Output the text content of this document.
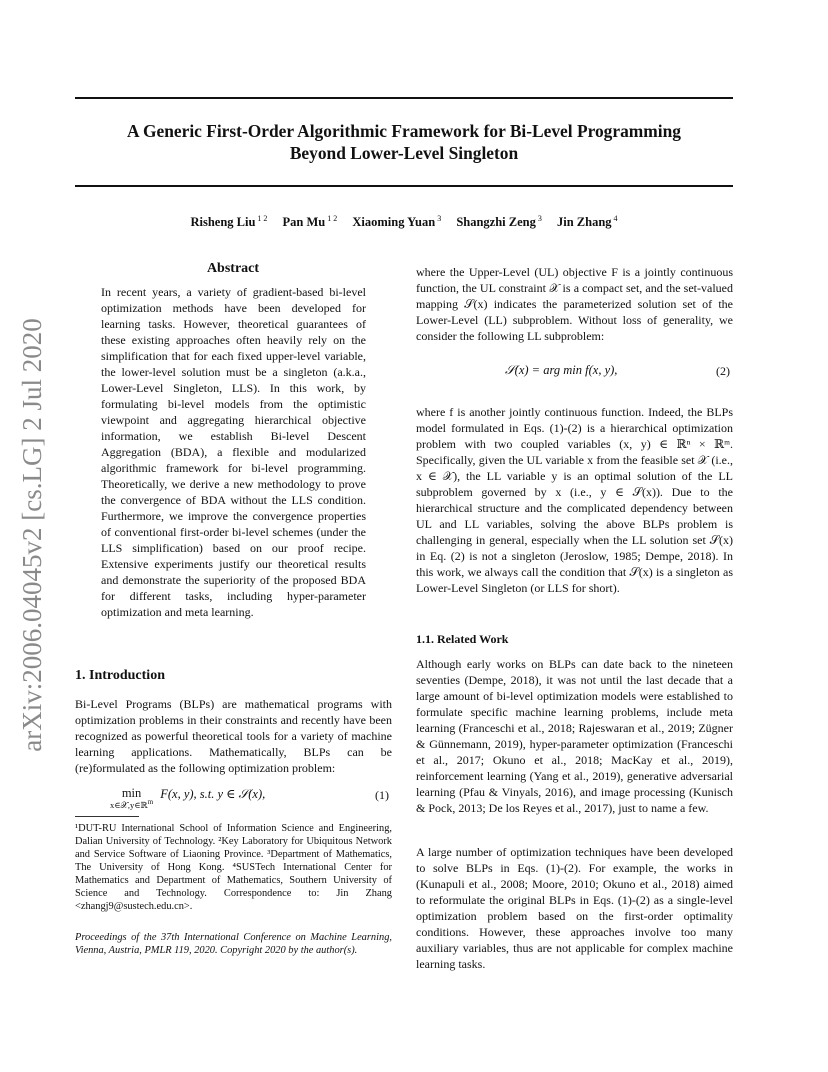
A Generic First-Order Algorithmic Framework for Bi-Level Programming
Beyond Lower-Level Singleton
Risheng Liu $^{1 2}$ Pan Mu $^{1 2}$ Xiaoming Yuan $^3$ Shangzhi Zeng $^3$ Jin Zhang $^4$
arXiv:2006.04045v2 [cs.LG] 2 Jul 2020
Abstract

In recent years, a variety of gradient-based bi-level optimization methods have been developed for learning tasks. However, theoretical guarantees of these existing approaches often heavily rely on the simplification that for each fixed upper-level variable, the lower-level solution must be a singleton (a.k.a., Lower-Level Singleton, LLS). In this work, by formulating bi-level models from the optimistic viewpoint and aggregating hierarchical objective information, we establish Bi-level Descent Aggregation (BDA), a flexible and modularized algorithmic framework for bi-level programming. Theoretically, we derive a new methodology to prove the convergence of BDA without the LLS condition. Furthermore, we improve the convergence properties of conventional first-order bi-level schemes (under the LLS simplification) based on our proof recipe. Extensive experiments justify our theoretical results and demonstrate the superiority of the proposed BDA for different tasks, including hyper-parameter optimization and meta learning.

1. Introduction

Bi-Level Programs (BLPs) are mathematical programs with optimization problems in their constraints and recently have been recognized as powerful theoretical tools for a variety of machine learning applications. Mathematically, BLPs can be (re)formulated as the following optimization problem:

min
x∈𝒳,y∈ℝ$^m$
F(x, y), s.t. y ∈ 𝒮(x),	(1)

¹DUT-RU International School of Information Science and Engineering, Dalian University of Technology. ²Key Laboratory for Ubiquitous Network and Service Software of Liaoning Province. ³Department of Mathematics, The University of Hong Kong. ⁴SUSTech International Center for Mathematics and Department of Mathematics, Southern University of Science and Technology. Correspondence to: Jin Zhang <zhangj9@sustech.edu.cn>.

Proceedings of the 37th International Conference on Machine Learning, Vienna, Austria, PMLR 119, 2020. Copyright 2020 by the author(s).

where the Upper-Level (UL) objective F is a jointly continuous function, the UL constraint 𝒳 is a compact set, and the set-valued mapping 𝒮(x) indicates the parameterized solution set of the Lower-Level (LL) subproblem. Without loss of generality, we consider the following LL subproblem:

𝒮(x) = arg min f(x, y),	(2)

where f is another jointly continuous function. Indeed, the BLPs model formulated in Eqs. (1)-(2) is a hierarchical optimization problem with two coupled variables (x, y) ∈ ℝⁿ × ℝᵐ. Specifically, given the UL variable x from the feasible set 𝒳 (i.e., x ∈ 𝒳), the LL variable y is an optimal solution of the LL subproblem governed by x (i.e., y ∈ 𝒮(x)). Due to the hierarchical structure and the complicated dependency between UL and LL variables, solving the above BLPs problem is challenging in general, especially when the LL solution set 𝒮(x) in Eq. (2) is not a singleton (Jeroslow, 1985; Dempe, 2018). In this work, we always call the condition that 𝒮(x) is a singleton as Lower-Level Singleton (or LLS for short).

1.1. Related Work

Although early works on BLPs can date back to the nineteen seventies (Dempe, 2018), it was not until the last decade that a large amount of bi-level optimization models were established to formulate specific machine learning problems, include meta learning (Franceschi et al., 2018; Rajeswaran et al., 2019; Zügner & Günnemann, 2019), hyper-parameter optimization (Franceschi et al., 2017; Okuno et al., 2018; MacKay et al., 2019), reinforcement learning (Yang et al., 2019), generative adversarial learning (Pfau & Vinyals, 2016), and image processing (Kunisch & Pock, 2013; De los Reyes et al., 2017), just to name a few.

A large number of optimization techniques have been developed to solve BLPs in Eqs. (1)-(2). For example, the works in (Kunapuli et al., 2008; Moore, 2010; Okuno et al., 2018) aimed to reformulate the original BLPs in Eqs. (1)-(2) as a single-level optimization problem based on the first-order optimality conditions. However, these approaches involve too many auxiliary variables, thus are not applicable for complex machine learning tasks.
